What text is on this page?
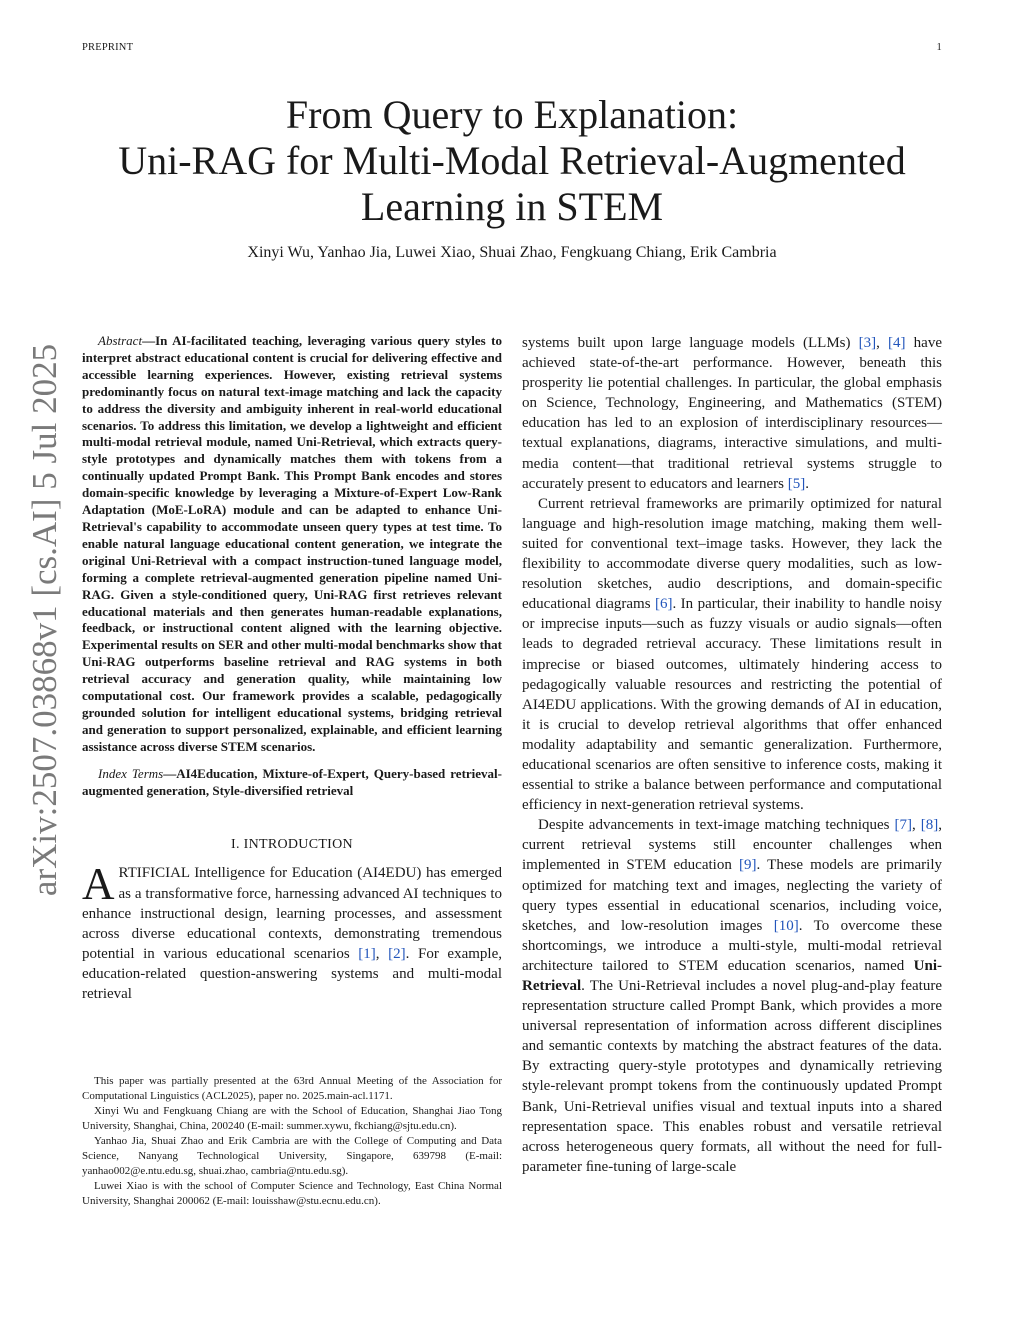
PREPRINT	1
arXiv:2507.03868v1 [cs.AI] 5 Jul 2025
From Query to Explanation:
Uni-RAG for Multi-Modal Retrieval-Augmented
Learning in STEM
Xinyi Wu, Yanhao Jia, Luwei Xiao, Shuai Zhao, Fengkuang Chiang, Erik Cambria

Abstract—In AI-facilitated teaching, leveraging various query styles to interpret abstract educational content is crucial for delivering effective and accessible learning experiences. However, existing retrieval systems predominantly focus on natural text-image matching and lack the capacity to address the diversity and ambiguity inherent in real-world educational scenarios. To address this limitation, we develop a lightweight and efficient multi-modal retrieval module, named Uni-Retrieval, which extracts query-style prototypes and dynamically matches them with tokens from a continually updated Prompt Bank. This Prompt Bank encodes and stores domain-specific knowledge by leveraging a Mixture-of-Expert Low-Rank Adaptation (MoE-LoRA) module and can be adapted to enhance Uni-Retrieval's capability to accommodate unseen query types at test time. To enable natural language educational content generation, we integrate the original Uni-Retrieval with a compact instruction-tuned language model, forming a complete retrieval-augmented generation pipeline named Uni-RAG. Given a style-conditioned query, Uni-RAG first retrieves relevant educational materials and then generates human-readable explanations, feedback, or instructional content aligned with the learning objective. Experimental results on SER and other multi-modal benchmarks show that Uni-RAG outperforms baseline retrieval and RAG systems in both retrieval accuracy and generation quality, while maintaining low computational cost. Our framework provides a scalable, pedagogically grounded solution for intelligent educational systems, bridging retrieval and generation to support personalized, explainable, and efficient learning assistance across diverse STEM scenarios.

Index Terms—AI4Education, Mixture-of-Expert, Query-based retrieval-augmented generation, Style-diversified retrieval

I. INTRODUCTION

ARTIFICIAL Intelligence for Education (AI4EDU) has emerged as a transformative force, harnessing advanced AI techniques to enhance instructional design, learning processes, and assessment across diverse educational contexts, demonstrating tremendous potential in various educational scenarios [1], [2]. For example, education-related question-answering systems and multi-modal retrieval

This paper was partially presented at the 63rd Annual Meeting of the Association for Computational Linguistics (ACL2025), paper no. 2025.main-acl.1171.

Xinyi Wu and Fengkuang Chiang are with the School of Education, Shanghai Jiao Tong University, Shanghai, China, 200240 (E-mail: summer.xywu, fkchiang@sjtu.edu.cn).

Yanhao Jia, Shuai Zhao and Erik Cambria are with the College of Computing and Data Science, Nanyang Technological University, Singapore, 639798 (E-mail: yanhao002@e.ntu.edu.sg, shuai.zhao, cambria@ntu.edu.sg).

Luwei Xiao is with the school of Computer Science and Technology, East China Normal University, Shanghai 200062 (E-mail: louisshaw@stu.ecnu.edu.cn).

systems built upon large language models (LLMs) [3], [4] have achieved state-of-the-art performance. However, beneath this prosperity lie potential challenges. In particular, the global emphasis on Science, Technology, Engineering, and Mathematics (STEM) education has led to an explosion of interdisciplinary resources—textual explanations, diagrams, interactive simulations, and multi-media content—that traditional retrieval systems struggle to accurately present to educators and learners [5].

Current retrieval frameworks are primarily optimized for natural language and high-resolution image matching, making them well-suited for conventional text–image tasks. However, they lack the flexibility to accommodate diverse query modalities, such as low-resolution sketches, audio descriptions, and domain-specific educational diagrams [6]. In particular, their inability to handle noisy or imprecise inputs—such as fuzzy visuals or audio signals—often leads to degraded retrieval accuracy. These limitations result in imprecise or biased outcomes, ultimately hindering access to pedagogically valuable resources and restricting the potential of AI4EDU applications. With the growing demands of AI in education, it is crucial to develop retrieval algorithms that offer enhanced modality adaptability and semantic generalization. Furthermore, educational scenarios are often sensitive to inference costs, making it essential to strike a balance between performance and computational efficiency in next-generation retrieval systems.

Despite advancements in text-image matching techniques [7], [8], current retrieval systems still encounter challenges when implemented in STEM education [9]. These models are primarily optimized for matching text and images, neglecting the variety of query types essential in educational scenarios, including voice, sketches, and low-resolution images [10]. To overcome these shortcomings, we introduce a multi-style, multi-modal retrieval architecture tailored to STEM education scenarios, named Uni-Retrieval. The Uni-Retrieval includes a novel plug-and-play feature representation structure called Prompt Bank, which provides a more universal representation of information across different disciplines and semantic contexts by matching the abstract features of the data. By extracting query-style prototypes and dynamically retrieving style-relevant prompt tokens from the continuously updated Prompt Bank, Uni-Retrieval unifies visual and textual inputs into a shared representation space. This enables robust and versatile retrieval across heterogeneous query formats, all without the need for full-parameter ﬁne-tuning of large-scale
